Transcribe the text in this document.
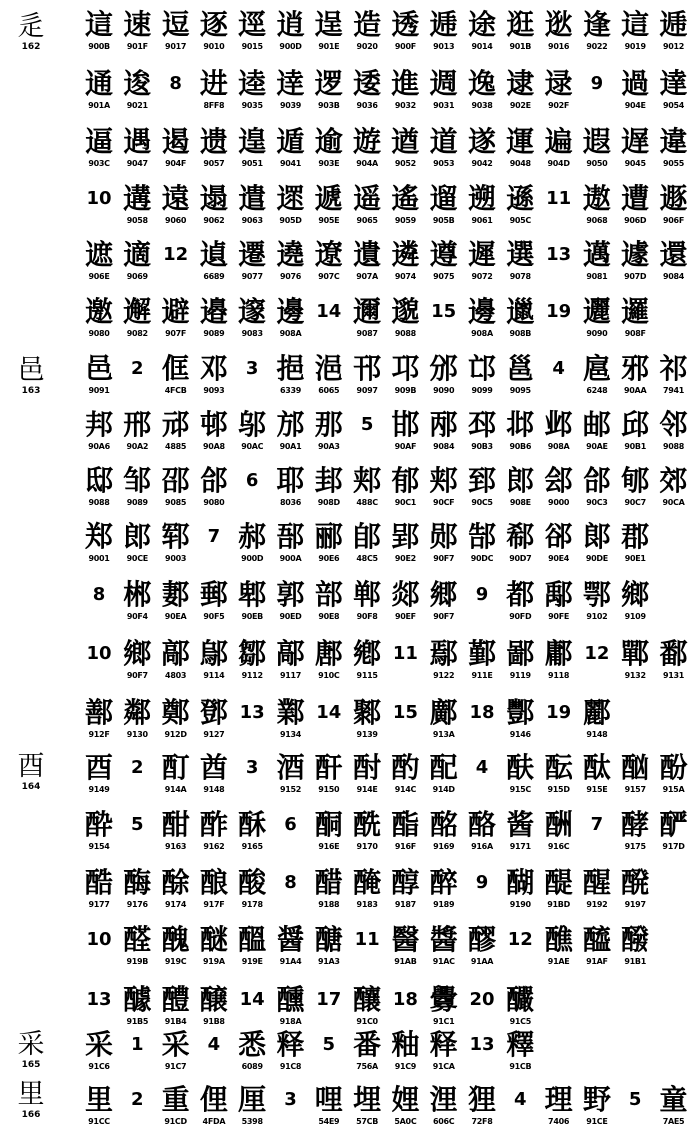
辵
162
這
900B
速
901F
逗
9017
逐
9010
逕
9015
逍
900D
逞
901E
造
9020
透
900F
逓
9013
途
9014
逛
901B
逖
9016
逢
9022
這
9019
逓
9012
通
901A
逡
9021
8 进
8FF8
逵
9035
逹
9039
逻
903B
逶
9036
進
9032
週
9031
逸
9038
逮
902E
逯
902F
9 過
904E
達
9054
逼
903C
遇
9047
遏
904F
遗
9057
遑
9051
遁
9041
逾
903E
遊
904A
遒
9052
道
9053
遂
9042
運
9048
遍
904D
遐
9050
遅
9045
違
9055
10 遘
9058
遠
9060
遢
9062
遣
9063
遝
905D
遞
905E
遥
9065
遙
9059
遛
905B
遡
9061
遜
905C
11 遨
9068
遭
906D
遯
906F
遮
906E
適
9069
12 遉
6689
遷
9077
遶
9076
遼
907C
遺
907A
遴
9074
遵
9075
遲
9072
選
9078
13 邁
9081
遽
907D
還
9084
邀
9080
邂
9082
避
907F
邉
9089
邃
9083
邊
908A
14 邇
9087
邈
9088
15 邊
908A
邋
908B
19 邐
9090
邏
908F
邑
163
邑
9091
2 㑌
4FCB
邓
9093
3 挹
6339
浥
6065
邗
9097
邛
909B
邠
9090
邙
9099
邕
9095
4 扈
6248
邪
90AA
祁
7941
邦
90A6
邢
90A2
邧
4885
邨
90A8
邬
90AC
邡
90A1
那
90A3
5 邯
90AF
邴
9084
邳
90B3
邶
90B6
邺
908A
邮
90AE
邱
90B1
邻
9088
邸
9088
邹
9089
邵
9085
郃
9080
6 耶
8036
邽
908D
郏
488C
郁
90C1
郏
90CF
郅
90C5
郎
908E
郐
9000
郃
90C3
郇
90C7
郊
90CA
郑
9001
郎
90CE
郓
9003
7 郝
900D
郚
900A
郦
90E6
郋
48C5
郢
90E2
郧
90F7
郜
90DC
郗
90D7
郤
90E4
郞
90DE
郡
90E1
8 郴
90F4
郪
90EA
郵
90F5
郫
90EB
郭
90ED
部
90E8
郸
90F8
郯
90EF
郷
90F7
9 都
90FD
鄅
90FE
鄂
9102
鄉
9109
10 鄉
90F7
鄗
4803
鄔
9114
鄒
9112
鄗
9117
鄌
910C
鄕
9115
11 鄢
9122
鄞
911E
鄙
9119
鄘
9118
12 鄲
9132
鄱
9131
鄯
912F
鄰
9130
鄭
912D
鄧
9127
13 鄴
9134
14 鄹
9139
15 鄺
913A
18 酆
9146
19 酈
9148
酉
164
酉
9149
2 酊
914A
酋
9148
3 酒
9152
酐
9150
酎
914E
酌
914C
配
914D
4 酜
915C
酝
915D
酞
915E
酗
9157
酚
915A
酔
9154
5 酣
9163
酢
9162
酥
9165
6 酮
916E
酰
9170
酯
916F
酩
9169
酪
916A
酱
9171
酬
916C
7 酵
9175
酽
917D
酷
9177
酶
9176
酴
9174
酿
917F
酸
9178
8 醋
9188
醃
9183
醇
9187
醉
9189
9 醐
9190
醍
91BD
醒
9192
醗
9197
10 醛
919B
醜
919C
醚
919A
醞
919E
醤
91A4
醣
91A3
11 醫
91AB
醬
91AC
醪
91AA
12 醮
91AE
醯
91AF
醱
91B1
13 醵
91B5
醴
91B4
醸
91B8
14 醺
918A
17 釀
91C0
18 釁
91C1
20 釅
91C5
采
165
采
91C6
1 采
91C7
4 悉
6089
释
91C8
5 番
756A
釉
91C9
释
91CA
13 釋
91CB
里
166	里
91CC
2 重
91CD
俚
4FDA
厘
5398
3 哩
54E9
埋
57CB
娌
5A0C
浬
606C
狸
72F8
4 理
7406
野
91CE
5 童
7AE5
